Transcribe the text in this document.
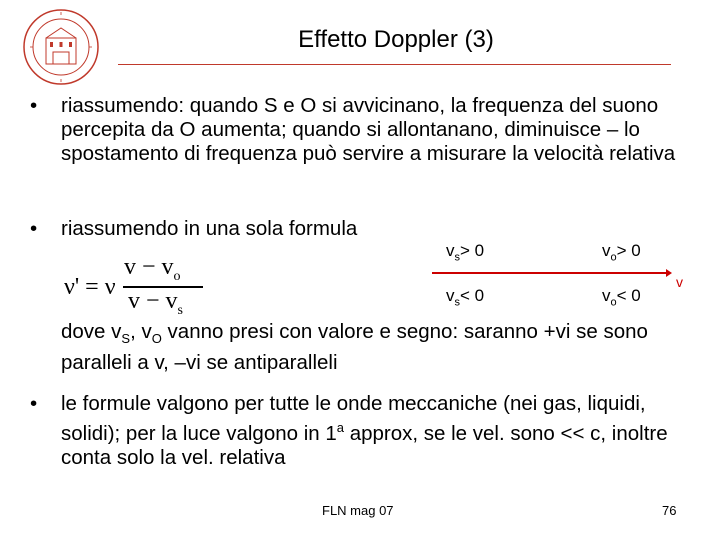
Effetto Doppler (3)
• riassumendo: quando S e O si avvicinano, la frequenza del suono percepita da O aumenta; quando si allontanano, diminuisce – lo spostamento di frequenza può servire a misurare la velocità relativa
• riassumendo in una sola formula
ν' = ν
$v - v_o$
$v - v_s$
$v_s> 0$	$v_o> 0$
v
$v_s< 0$	$v_o< 0$
dove $v_S$, $v_O$ vanno presi con valore e segno: saranno +vi se sono paralleli a v, –vi se antiparalleli
• le formule valgono per tutte le onde meccaniche (nei gas, liquidi, solidi); per la luce valgono in 1$^a$ approx, se le vel. sono << c, inoltre conta solo la vel. relativa
FLN mag 07	76
